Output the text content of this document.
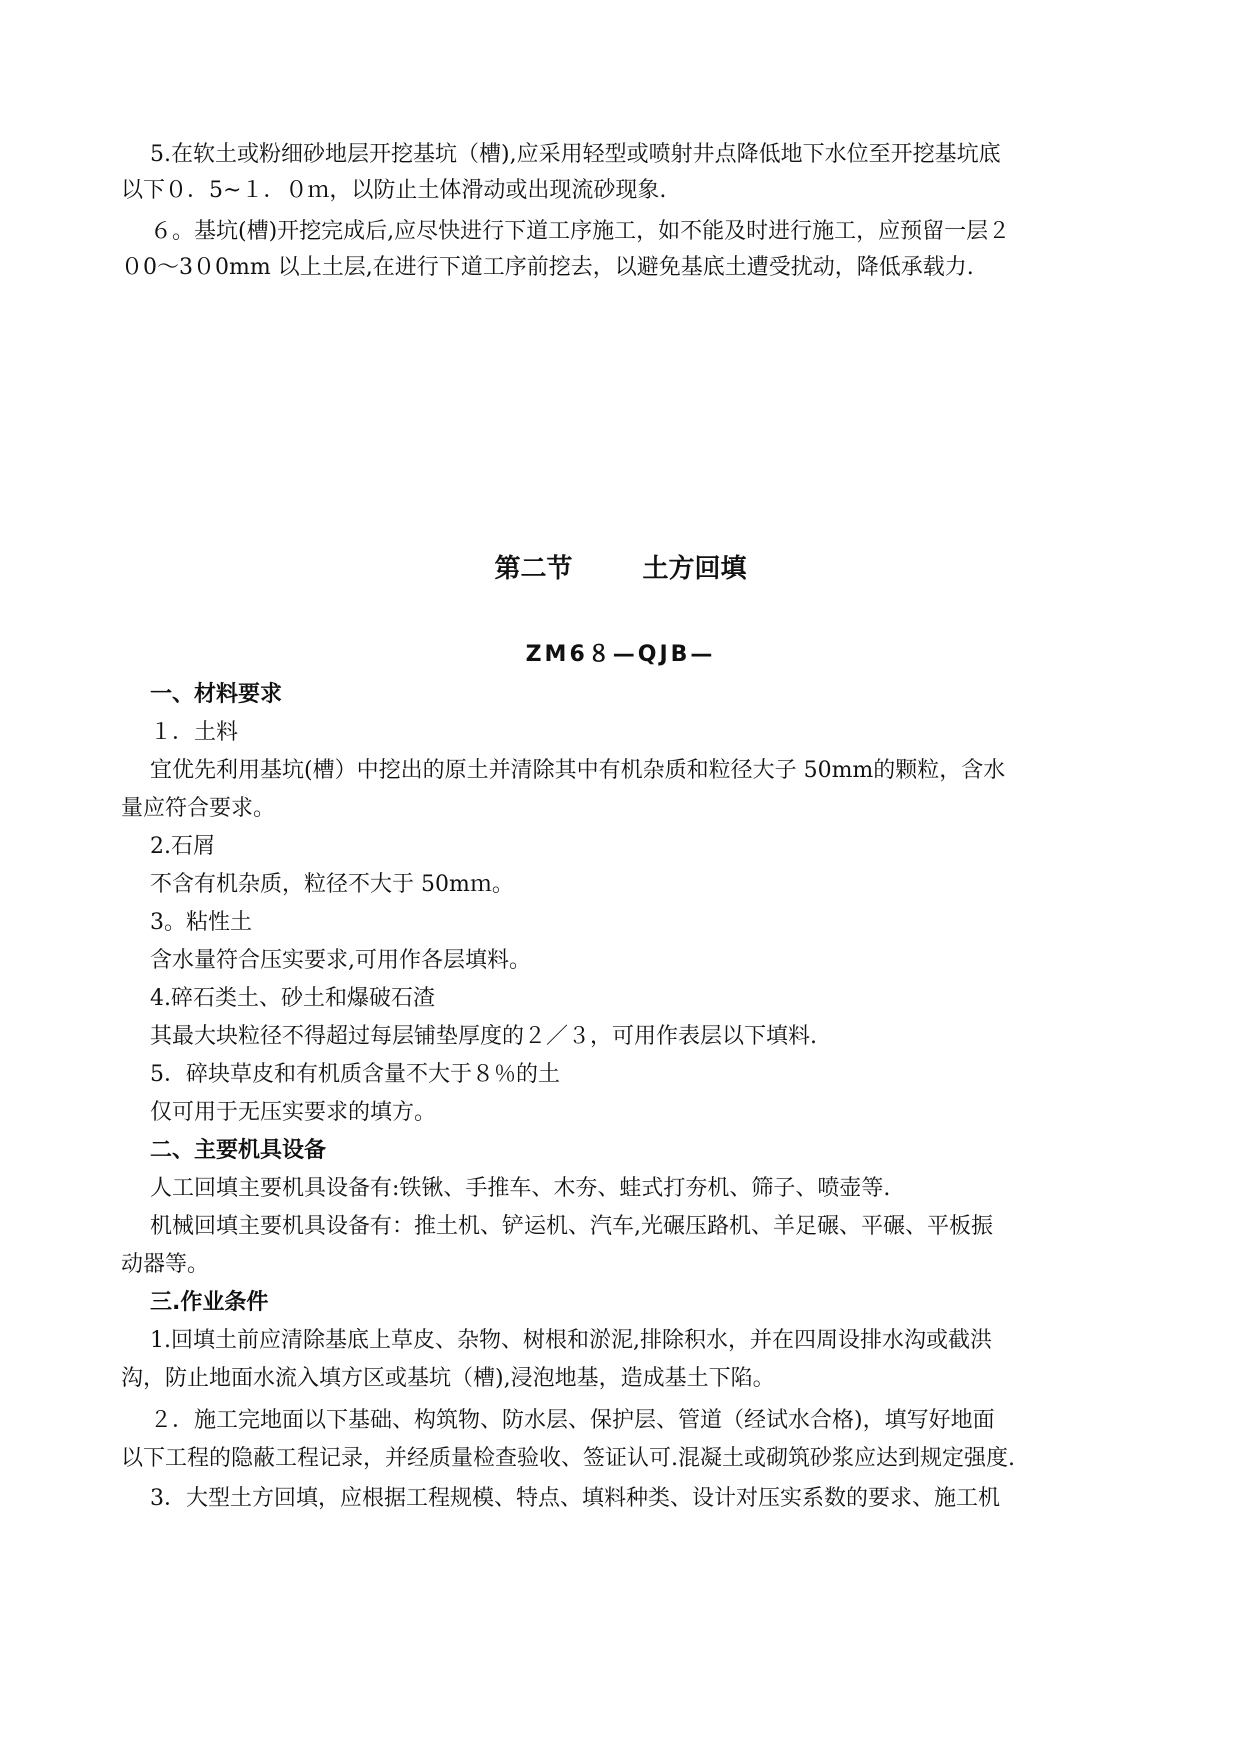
5.在软土或粉细砂地层开挖基坑（槽),应采用轻型或喷射井点降低地下水位至开挖基坑底
以下０．5~１．０ｍ，以防止土体滑动或出现流砂现象.
６。基坑(槽)开挖完成后,应尽快进行下道工序施工，如不能及时进行施工，应预留一层２
０0～3０0mm 以上土层,在进行下道工序前挖去，以避免基底土遭受扰动，降低承载力.
第二节	土方回填
ZM6８—QJB—
一、材料要求
１．土料
宜优先利用基坑(槽）中挖出的原土并清除其中有机杂质和粒径大子 50mm的颗粒，含水
量应符合要求。
2.石屑
不含有机杂质，粒径不大于 50mｍ。
3。粘性土
含水量符合压实要求,可用作各层填料。
4.碎石类土、砂土和爆破石渣
其最大块粒径不得超过每层铺垫厚度的２／３，可用作表层以下填料.
5．碎块草皮和有机质含量不大于８％的土
仅可用于无压实要求的填方。
二、主要机具设备
人工回填主要机具设备有:铁锹、手推车、木夯、蛙式打夯机、筛子、喷壶等.
机械回填主要机具设备有：推土机、铲运机、汽车,光碾压路机、羊足碾、平碾、平板振
动器等。
三.作业条件
1.回填土前应清除基底上草皮、杂物、树根和淤泥,排除积水，并在四周设排水沟或截洪
沟，防止地面水流入填方区或基坑（槽),浸泡地基，造成基土下陷。
２．施工完地面以下基础、构筑物、防水层、保护层、管道（经试水合格)，填写好地面
以下工程的隐蔽工程记录，并经质量检查验收、签证认可.混凝土或砌筑砂浆应达到规定强度.
3．大型土方回填，应根据工程规模、特点、填料种类、设计对压实系数的要求、施工机
